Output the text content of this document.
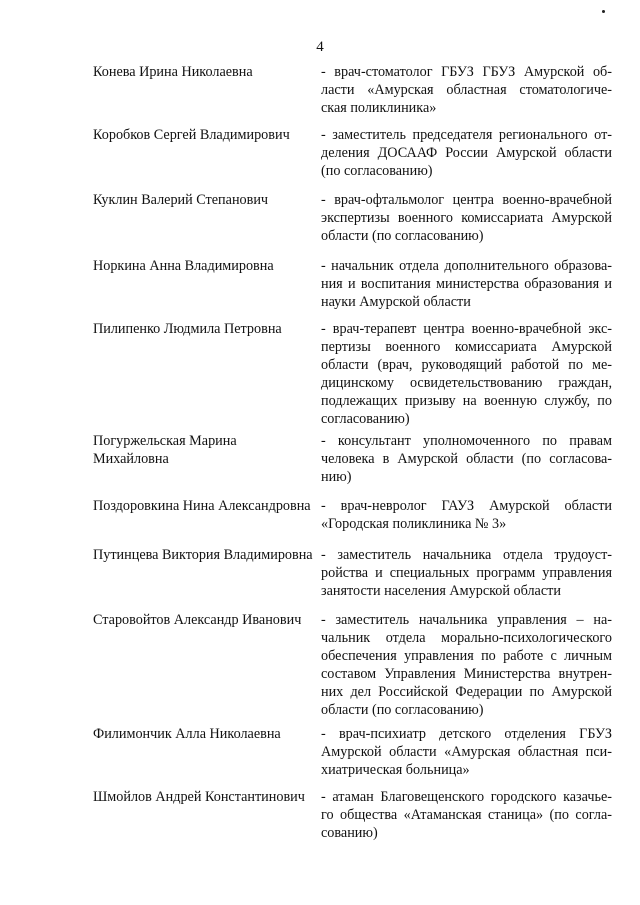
4
Конева Ирина Николаевна	- врач-стоматолог ГБУЗ ГБУЗ Амурской об-
ласти «Амурская областная стоматологиче-
ская поликлиника»
Коробков Сергей Владимирович	- заместитель председателя регионального от-
деления ДОСААФ России Амурской области
(по согласованию)
Куклин Валерий Степанович	- врач-офтальмолог центра военно-врачебной
экспертизы военного комиссариата Амурской
области (по согласованию)
Норкина Анна Владимировна	- начальник отдела дополнительного образова-
ния и воспитания министерства образования и
науки Амурской области
Пилипенко Людмила Петровна	- врач-терапевт центра военно-врачебной экс-
пертизы военного комиссариата Амурской
области (врач, руководящий работой по ме-
дицинскому освидетельствованию граждан,
подлежащих призыву на военную службу, по
согласованию)
Погуржельская Марина Михайловна
- консультант уполномоченного по правам
человека в Амурской области (по согласова-
нию)
Поздоровкина Нина Александровна - врач-невролог ГАУЗ Амурской области
«Городская поликлиника № 3»
Путинцева Виктория Владимировна - заместитель начальника отдела трудоуст-
ройства и специальных программ управления
занятости населения Амурской области
Старовойтов Александр Иванович	- заместитель начальника управления – на-
чальник отдела морально-психологического
обеспечения управления по работе с личным
составом Управления Министерства внутрен-
них дел Российской Федерации по Амурской
области (по согласованию)
Филимончик Алла Николаевна	- врач-психиатр детского отделения ГБУЗ
Амурской области «Амурская областная пси-
хиатрическая больница»
Шмойлов Андрей Константинович	- атаман Благовещенского городского казачье-
го общества «Атаманская станица» (по согла-
сованию)
